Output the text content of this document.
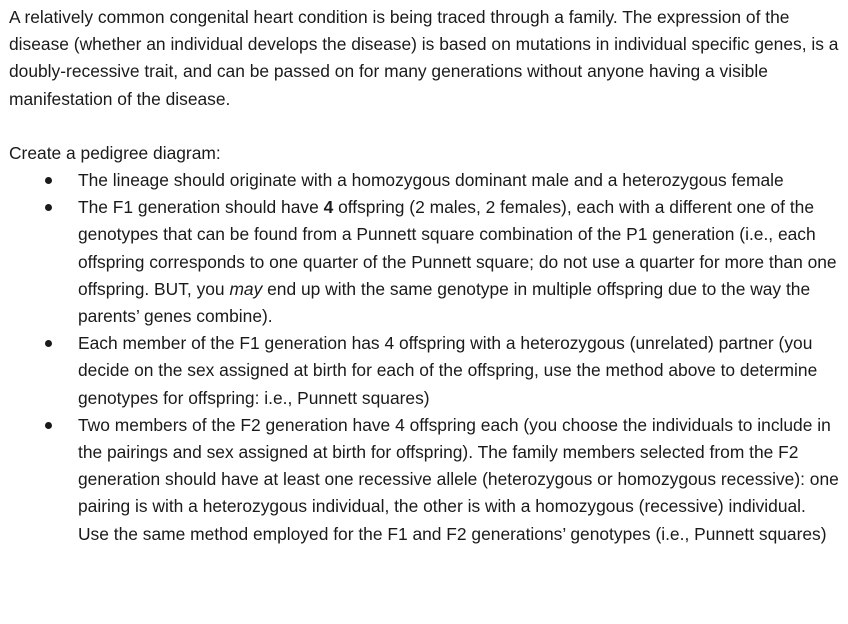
A relatively common congenital heart condition is being traced through a family. The expression of the disease (whether an individual develops the disease) is based on mutations in individual specific genes, is a doubly-recessive trait, and can be passed on for many generations without anyone having a visible manifestation of the disease.

Create a pedigree diagram:

The lineage should originate with a homozygous dominant male and a heterozygous female
The F1 generation should have 4 offspring (2 males, 2 females), each with a different one of the genotypes that can be found from a Punnett square combination of the P1 generation (i.e., each offspring corresponds to one quarter of the Punnett square; do not use a quarter for more than one offspring. BUT, you may end up with the same genotype in multiple offspring due to the way the parents’ genes combine).
Each member of the F1 generation has 4 offspring with a heterozygous (unrelated) partner (you decide on the sex assigned at birth for each of the offspring, use the method above to determine genotypes for offspring: i.e., Punnett squares)
Two members of the F2 generation have 4 offspring each (you choose the individuals to include in the pairings and sex assigned at birth for offspring). The family members selected from the F2 generation should have at least one recessive allele (heterozygous or homozygous recessive): one pairing is with a heterozygous individual, the other is with a homozygous (recessive) individual. Use the same method employed for the F1 and F2 generations’ genotypes (i.e., Punnett squares)
